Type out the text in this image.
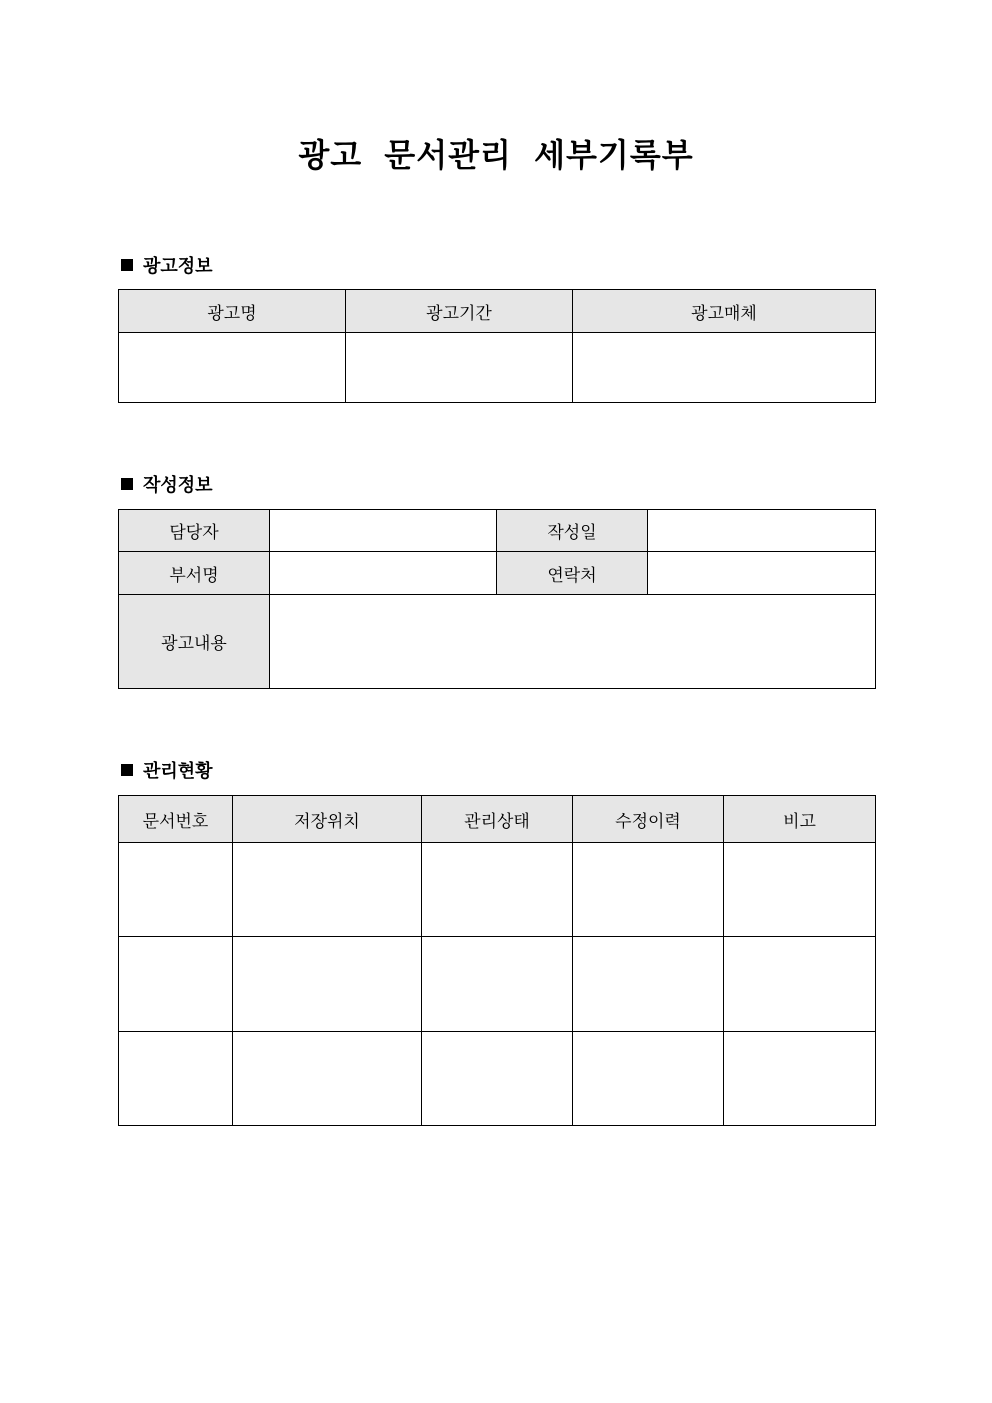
광고 문서관리 세부기록부
광고정보
광고명	광고기간	광고매체

작성정보
담당자		작성일	
부서명		연락처	
광고내용			
관리현황
문서번호	저장위치	관리상태	수정이력	비고
